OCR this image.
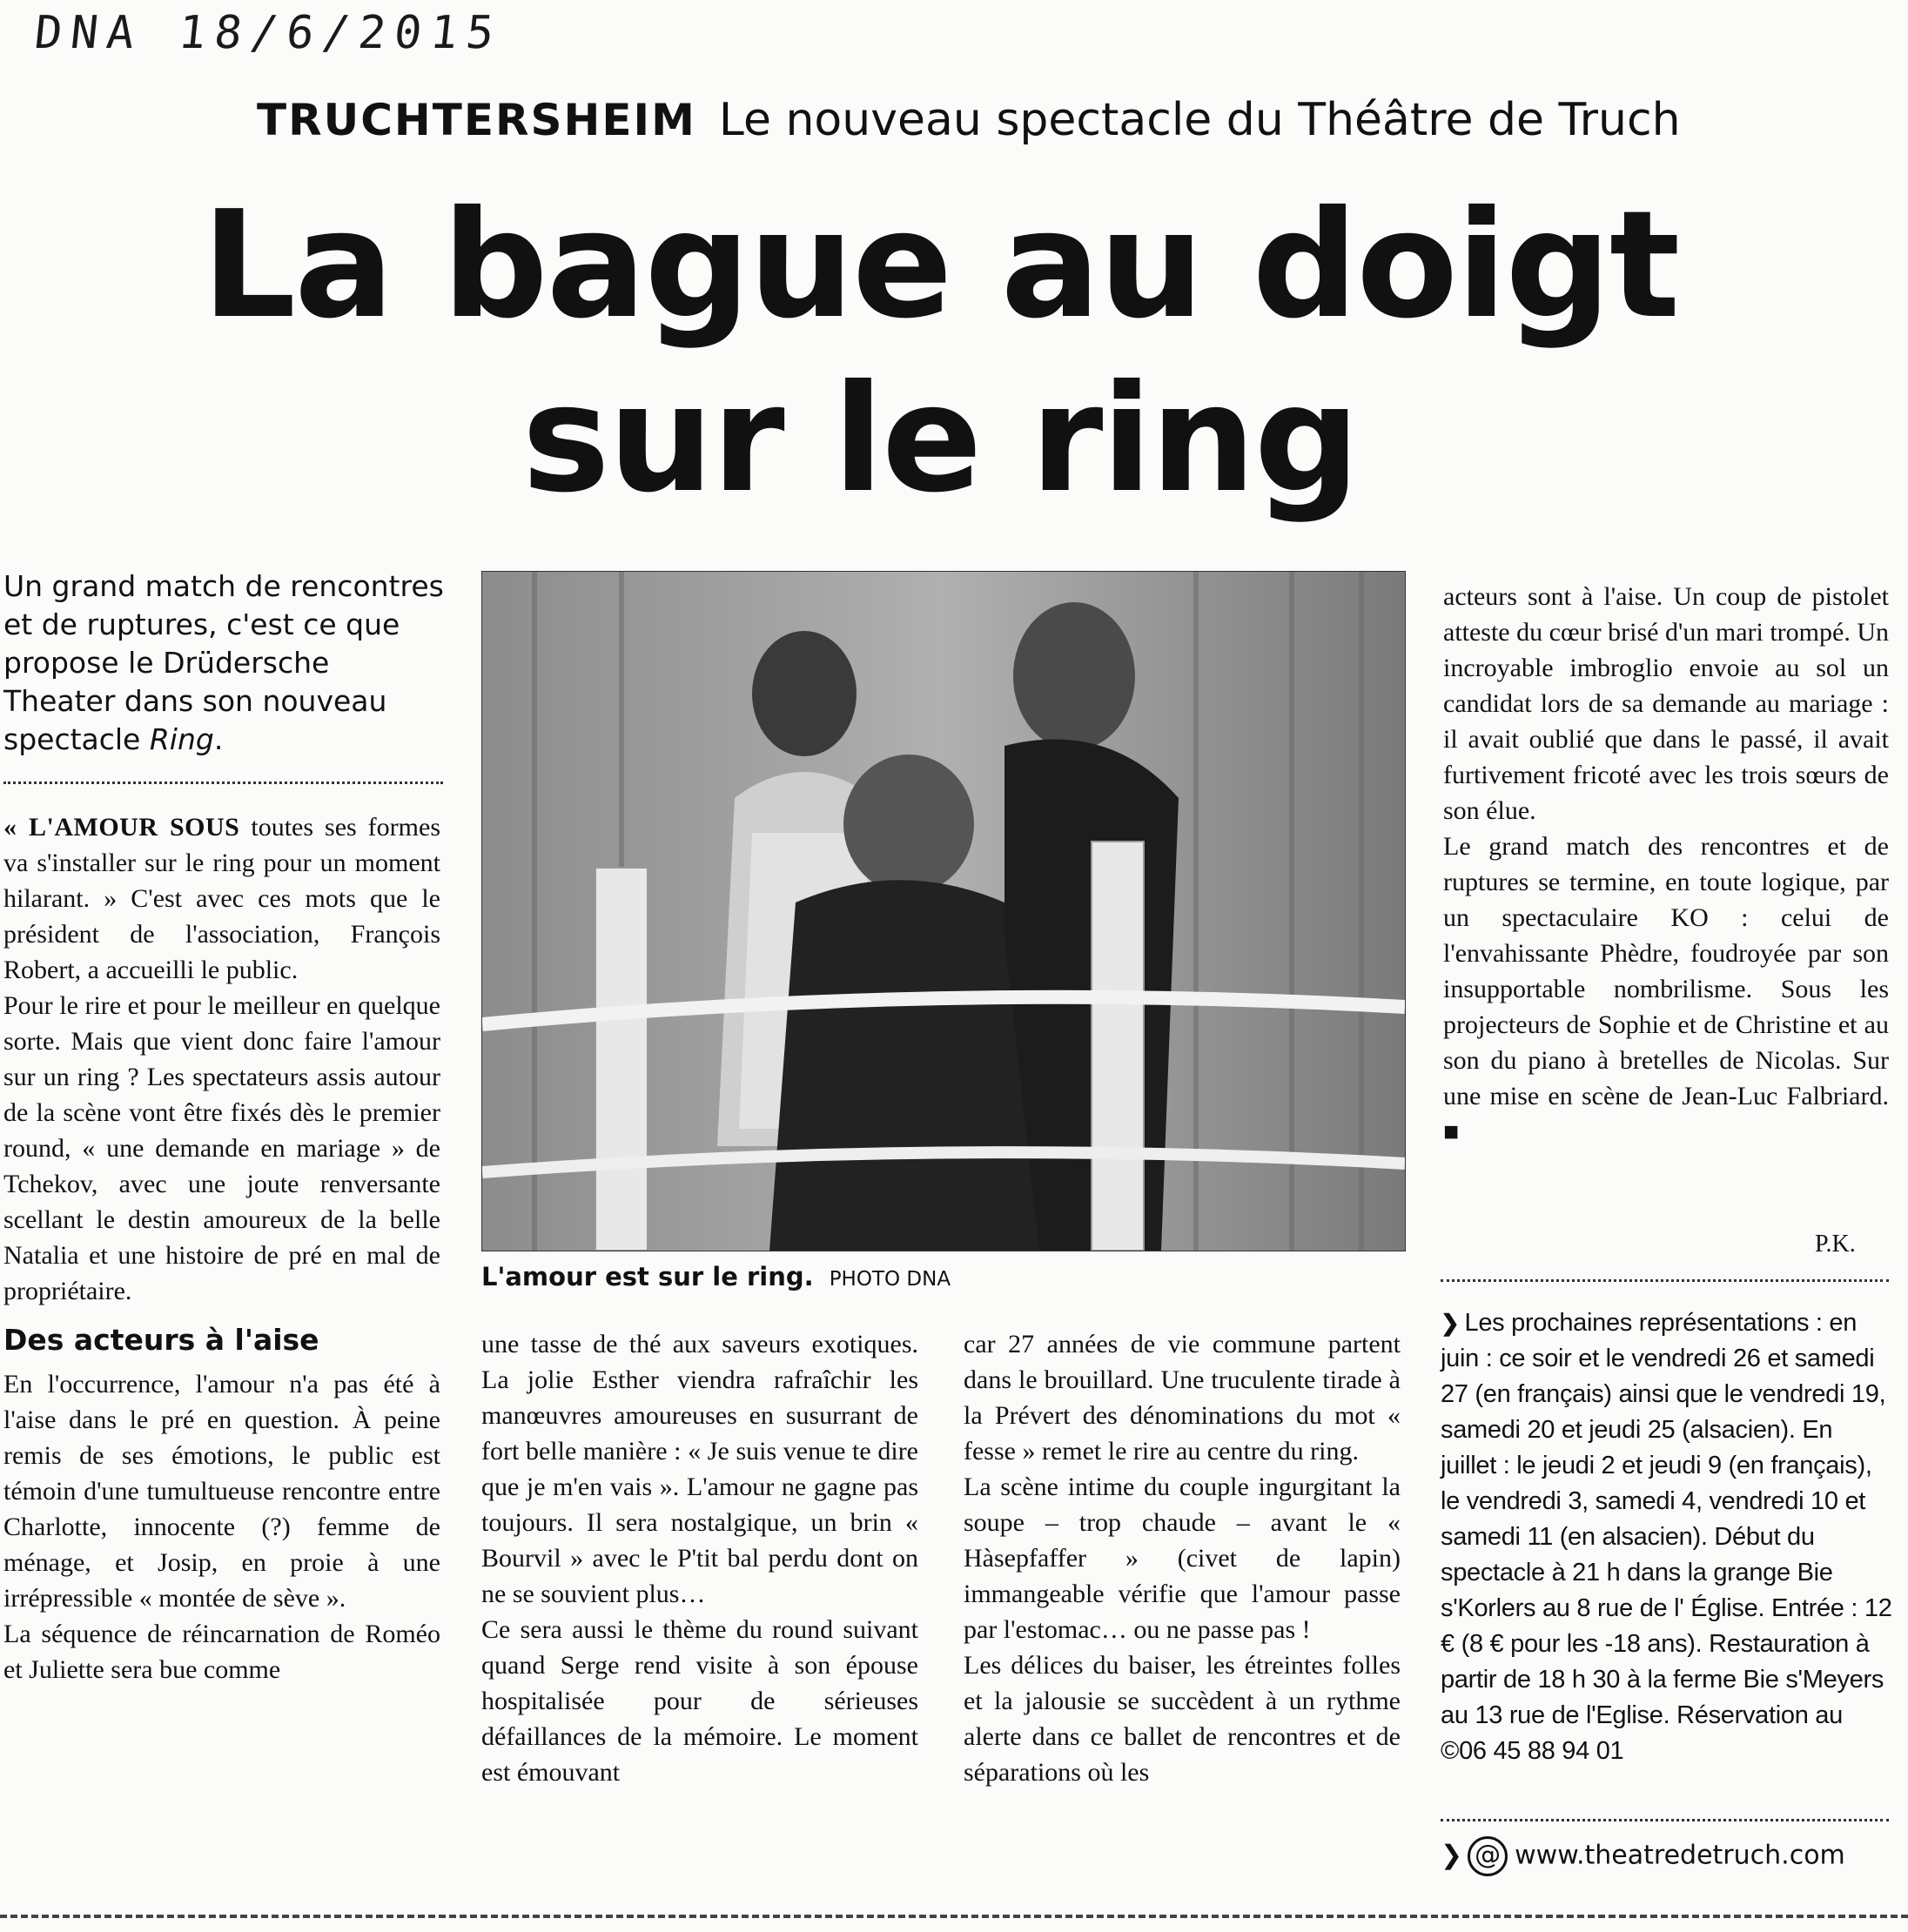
DNA 18/6/2015
TRUCHTERSHEIM Le nouveau spectacle du Théâtre de Truch
La bague au doigt
sur le ring
Un grand match de rencontres et de ruptures, c'est ce que propose le Drüdersche Theater dans son nouveau spectacle Ring.

« L'AMOUR SOUS toutes ses formes va s'installer sur le ring pour un moment hilarant. » C'est avec ces mots que le président de l'association, François Robert, a accueilli le public.

Pour le rire et pour le meilleur en quelque sorte. Mais que vient donc faire l'amour sur un ring ? Les spectateurs assis autour de la scène vont être fixés dès le premier round, « une demande en mariage » de Tchekov, avec une joute renversante scellant le destin amoureux de la belle Natalia et une histoire de pré en mal de propriétaire.

Des acteurs à l'aise

En l'occurrence, l'amour n'a pas été à l'aise dans le pré en question. À peine remis de ses émotions, le public est témoin d'une tumultueuse rencontre entre Charlotte, innocente (?) femme de ménage, et Josip, en proie à une irrépressible « montée de sève ».

La séquence de réincarnation de Roméo et Juliette sera bue comme

L'amour est sur le ring. PHOTO DNA

une tasse de thé aux saveurs exotiques. La jolie Esther viendra rafraîchir les manœuvres amoureuses en susurrant de fort belle manière : « Je suis venue te dire que je m'en vais ». L'amour ne gagne pas toujours. Il sera nostalgique, un brin « Bourvil » avec le P'tit bal perdu dont on ne se souvient plus…

Ce sera aussi le thème du round suivant quand Serge rend visite à son épouse hospitalisée pour de sérieuses défaillances de la mémoire. Le moment est émouvant

car 27 années de vie commune partent dans le brouillard. Une truculente tirade à la Prévert des dénominations du mot « fesse » remet le rire au centre du ring.

La scène intime du couple ingurgitant la soupe – trop chaude – avant le « Hàsepfaffer » (civet de lapin) immangeable vérifie que l'amour passe par l'estomac… ou ne passe pas !

Les délices du baiser, les étreintes folles et la jalousie se succèdent à un rythme alerte dans ce ballet de rencontres et de séparations où les

acteurs sont à l'aise. Un coup de pistolet atteste du cœur brisé d'un mari trompé. Un incroyable imbroglio envoie au sol un candidat lors de sa demande au mariage : il avait oublié que dans le passé, il avait furtivement fricoté avec les trois sœurs de son élue.

Le grand match des rencontres et de ruptures se termine, en toute logique, par un spectaculaire KO : celui de l'envahissante Phèdre, foudroyée par son insupportable nombrilisme. Sous les projecteurs de Sophie et de Christine et au son du piano à bretelles de Nicolas. Sur une mise en scène de Jean-Luc Falbriard. ■

P.K.
❯ Les prochaines représentations : en juin : ce soir et le vendredi 26 et samedi 27 (en français) ainsi que le vendredi 19, samedi 20 et jeudi 25 (alsacien). En juillet : le jeudi 2 et jeudi 9 (en français), le vendredi 3, samedi 4, vendredi 10 et samedi 11 (en alsacien). Début du spectacle à 21 h dans la grange Bie s'Korlers au 8 rue de l' Église. Entrée : 12 € (8 € pour les -18 ans). Restauration à partir de 18 h 30 à la ferme Bie s'Meyers au 13 rue de l'Eglise. Réservation au ©06 45 88 94 01
❯ @ www.theatredetruch.com
